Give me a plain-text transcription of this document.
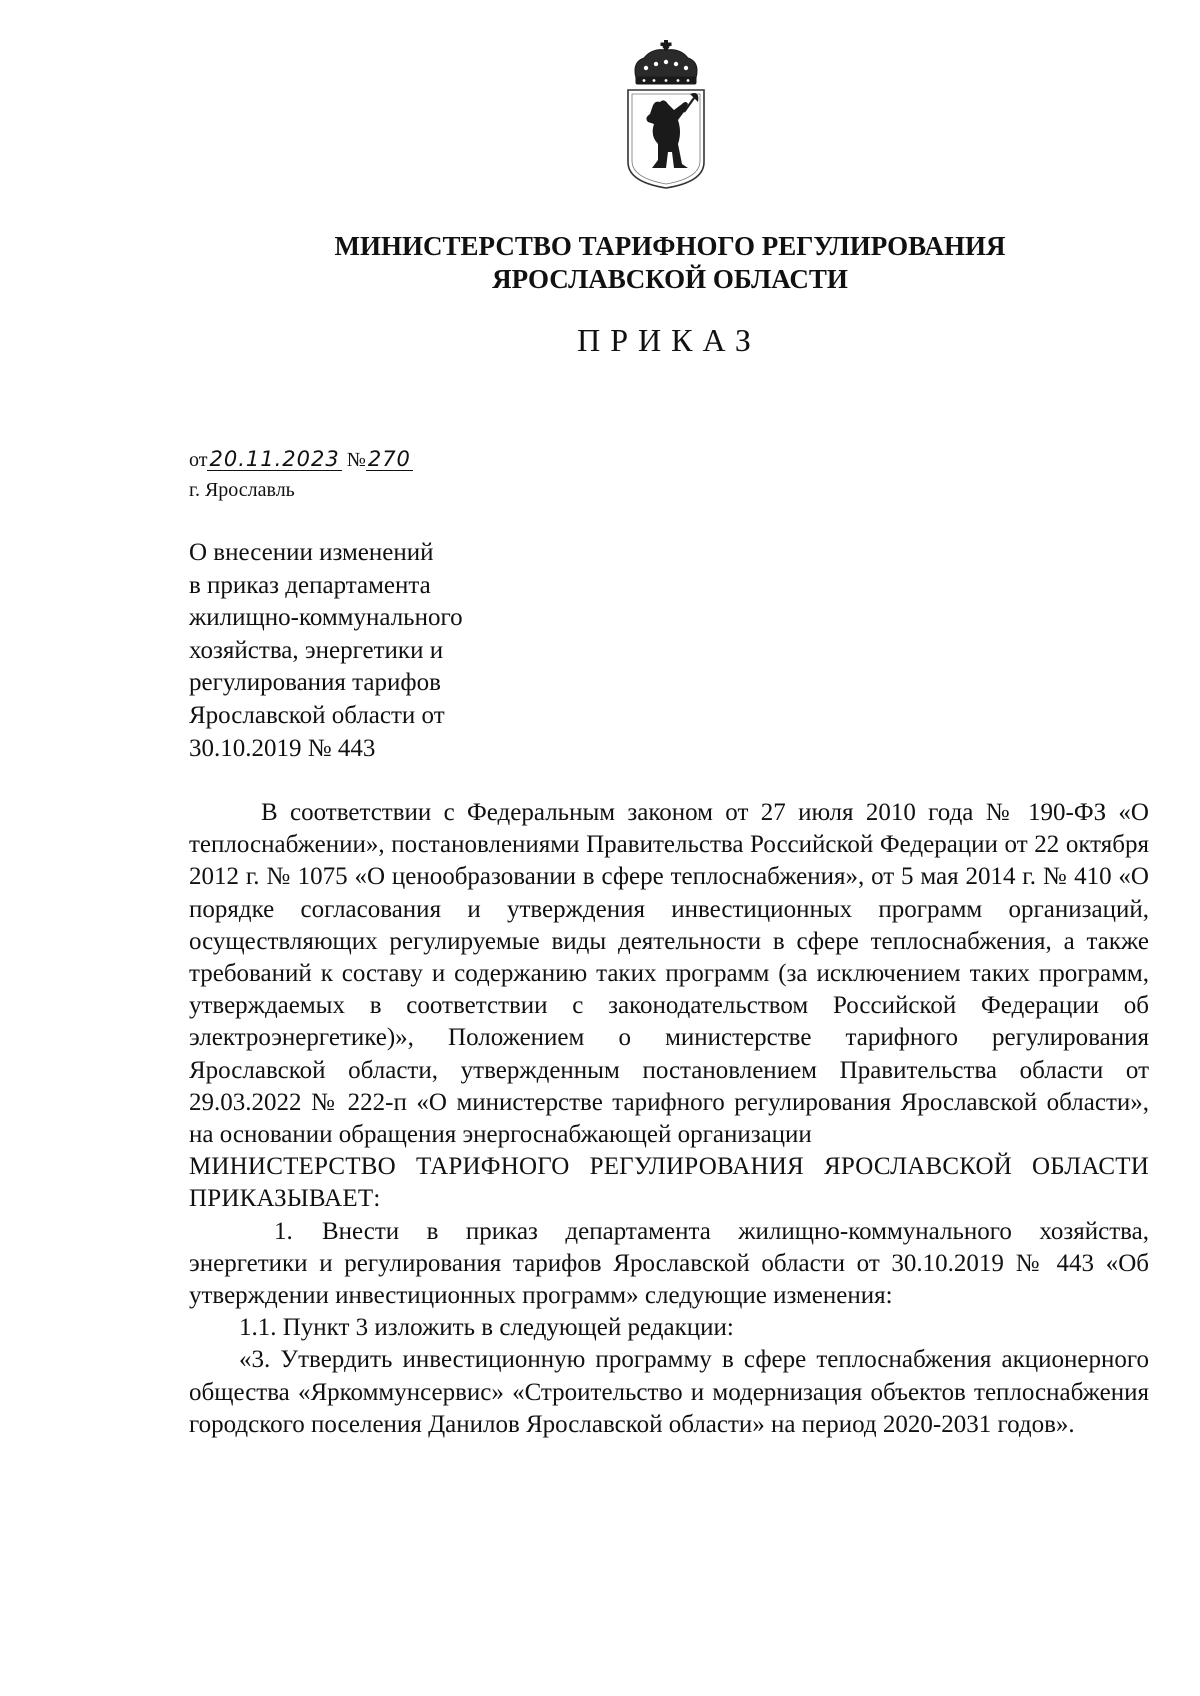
МИНИСТЕРСТВО ТАРИФНОГО РЕГУЛИРОВАНИЯ
ЯРОСЛАВСКОЙ ОБЛАСТИ
ПРИКАЗ
от20.11.2023 №270
г. Ярославль
О внесении изменений
в приказ департамента
жилищно-коммунального
хозяйства, энергетики и
регулирования тарифов
Ярославской области от
30.10.2019 № 443

В соответствии с Федеральным законом от 27 июля 2010 года № 190-ФЗ «О теплоснабжении», постановлениями Правительства Российской Федерации от 22 октября 2012 г. № 1075 «О ценообразовании в сфере теплоснабжения», от 5 мая 2014 г. № 410 «О порядке согласования и утверждения инвестиционных программ организаций, осуществляющих регулируемые виды деятельности в сфере теплоснабжения, а также требований к составу и содержанию таких программ (за исключением таких программ, утверждаемых в соответствии с законодательством Российской Федерации об электроэнергетике)», Положением о министерстве тарифного регулирования Ярославской области, утвержденным постановлением Правительства области от 29.03.2022 № 222-п «О министерстве тарифного регулирования Ярославской области», на основании обращения энергоснабжающей организации

МИНИСТЕРСТВО ТАРИФНОГО РЕГУЛИРОВАНИЯ ЯРОСЛАВСКОЙ ОБЛАСТИ ПРИКАЗЫВАЕТ:

1. Внести в приказ департамента жилищно-коммунального хозяйства, энергетики и регулирования тарифов Ярославской области от 30.10.2019 № 443 «Об утверждении инвестиционных программ» следующие изменения:

1.1. Пункт 3 изложить в следующей редакции:

«3. Утвердить инвестиционную программу в сфере теплоснабжения акционерного общества «Яркоммунсервис» «Строительство и модернизация объектов теплоснабжения городского поселения Данилов Ярославской области» на период 2020-2031 годов».
